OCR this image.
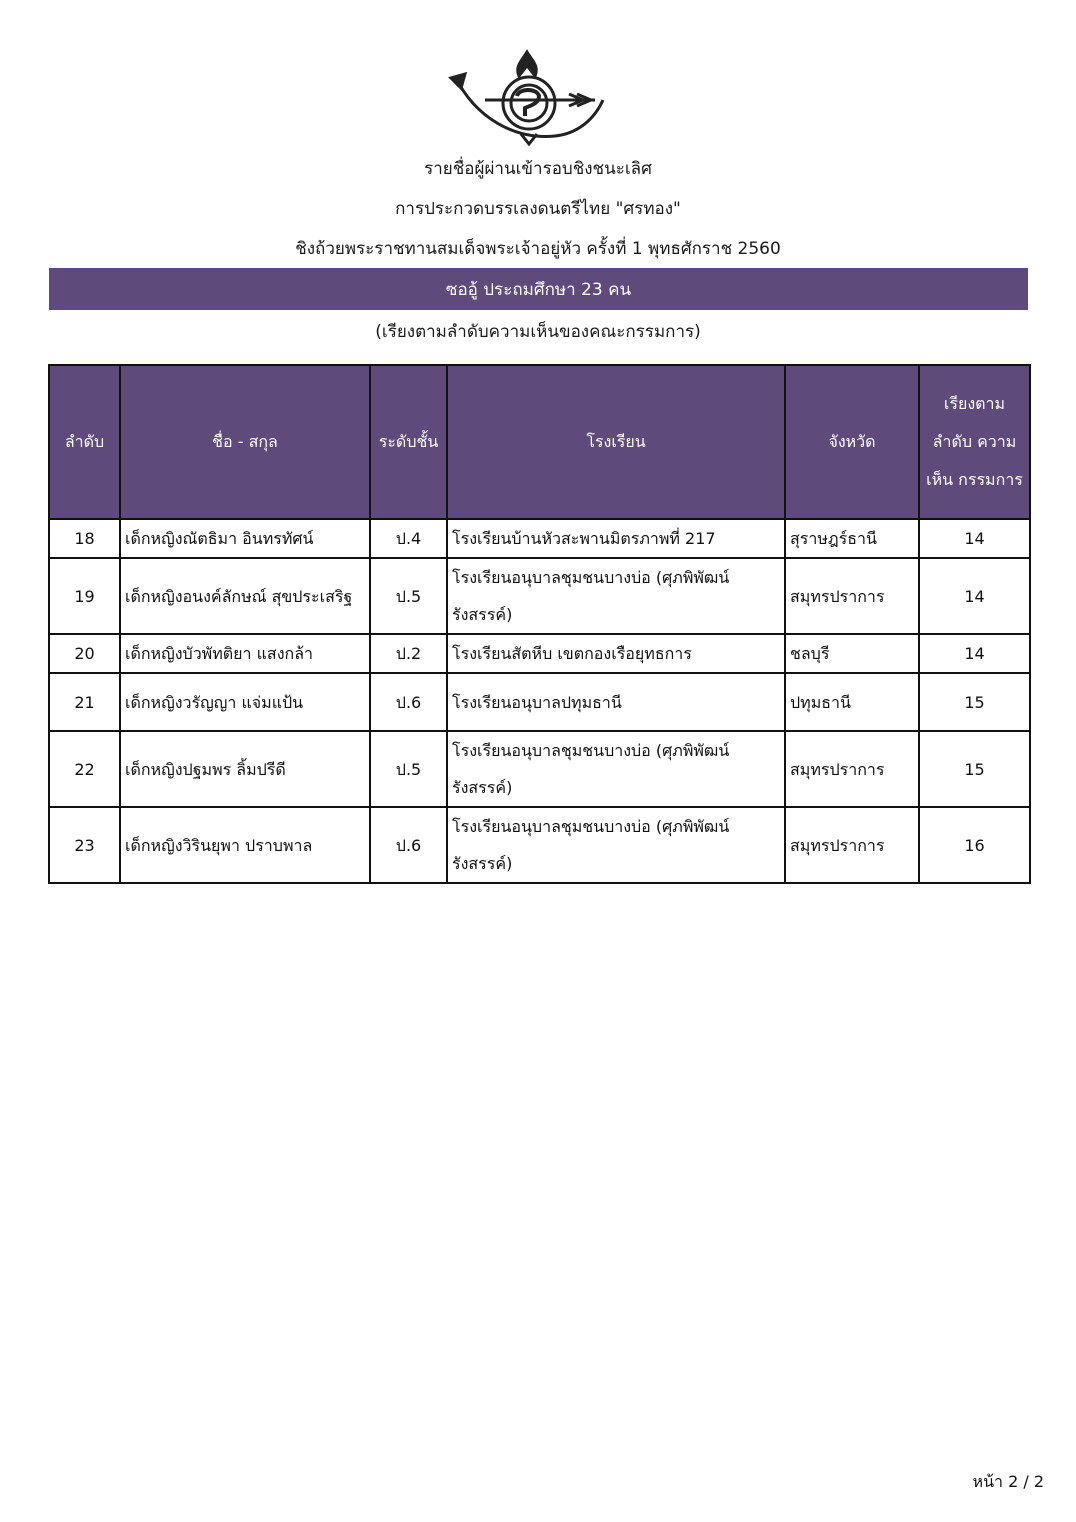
รายชื่อผู้ผ่านเข้ารอบชิงชนะเลิศ
การประกวดบรรเลงดนตรีไทย "ศรทอง"
ชิงถ้วยพระราชทานสมเด็จพระเจ้าอยู่หัว ครั้งที่ 1 พุทธศักราช 2560
ซออู้ ประถมศึกษา 23 คน
(เรียงตามลำดับความเห็นของคณะกรรมการ)
ลำดับ	ชื่อ - สกุล	ระดับชั้น	โรงเรียน	จังหวัด	เรียงตาม ลำดับ ความเห็น กรรมการ
18	เด็กหญิงณัตธิมา อินทรทัศน์	ป.4	โรงเรียนบ้านหัวสะพานมิตรภาพที่ 217	สุราษฎร์ธานี	14
19	เด็กหญิงอนงค์ลักษณ์ สุขประเสริฐ	ป.5	โรงเรียนอนุบาลชุมชนบางบ่อ (ศุภพิพัฒน์ รังสรรค์)	สมุทรปราการ	14
20	เด็กหญิงบัวพัทติยา แสงกล้า	ป.2	โรงเรียนสัตหีบ เขตกองเรือยุทธการ	ชลบุรี	14
21	เด็กหญิงวรัญญา แจ่มแป้น	ป.6	โรงเรียนอนุบาลปทุมธานี	ปทุมธานี	15
22	เด็กหญิงปฐมพร ลิ้มปรีดี	ป.5	โรงเรียนอนุบาลชุมชนบางบ่อ (ศุภพิพัฒน์ รังสรรค์)	สมุทรปราการ	15
23	เด็กหญิงวิรินยุพา ปราบพาล	ป.6	โรงเรียนอนุบาลชุมชนบางบ่อ (ศุภพิพัฒน์ รังสรรค์)	สมุทรปราการ	16
หน้า 2 / 2
